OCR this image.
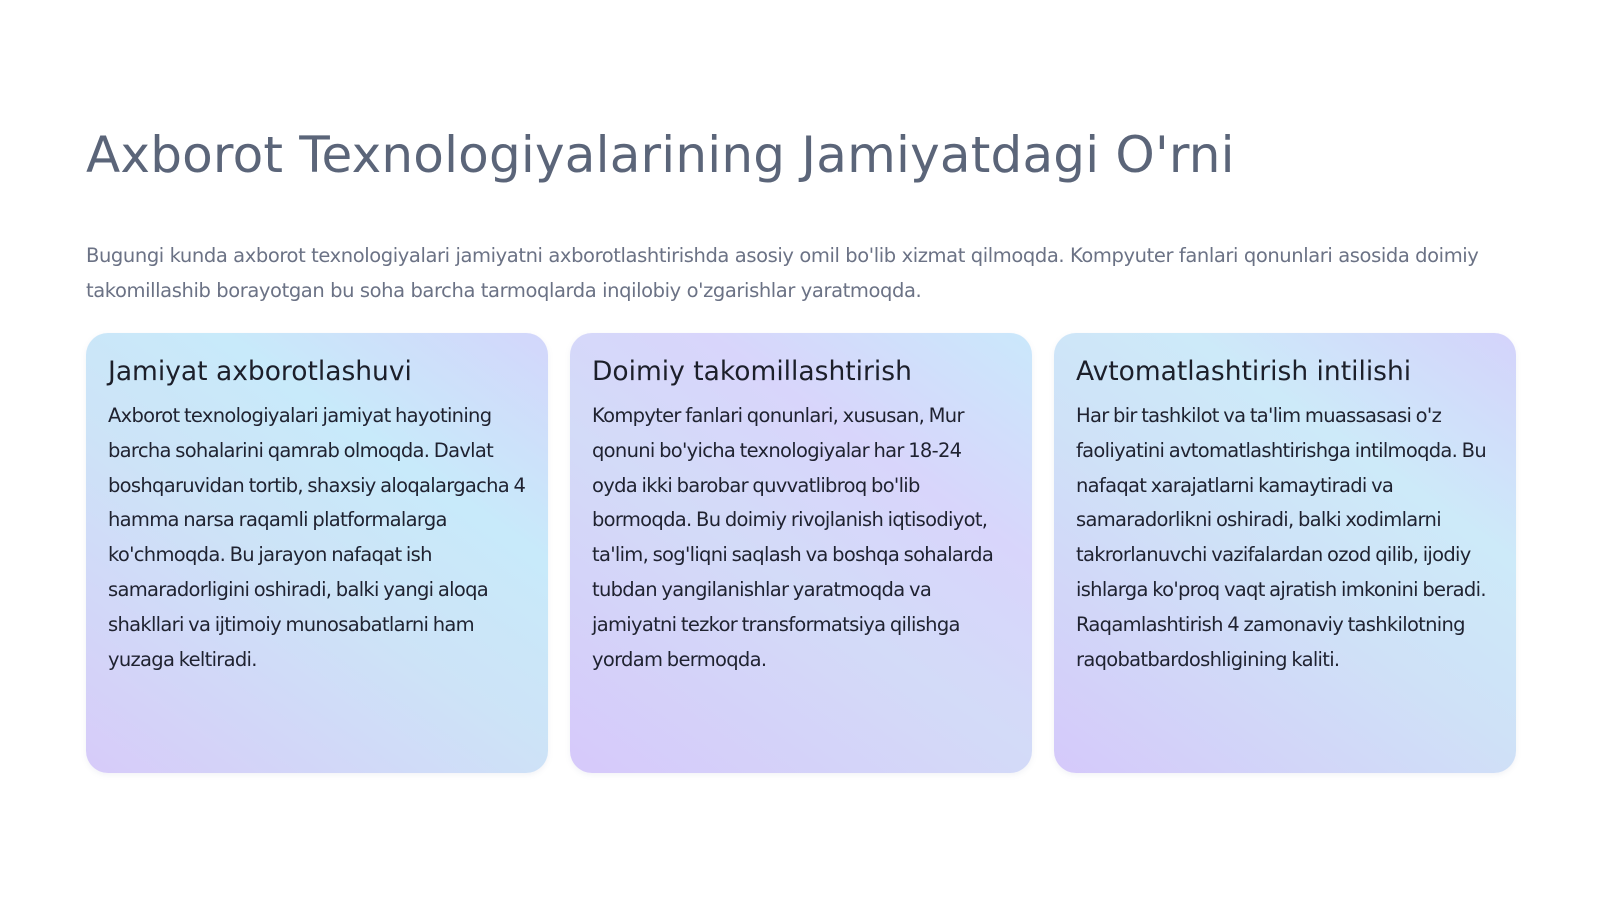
Axborot Texnologiyalarining Jamiyatdagi O'rni

Bugungi kunda axborot texnologiyalari jamiyatni axborotlashtirishda asosiy omil bo'lib xizmat qilmoqda. Kompyuter fanlari qonunlari asosida doimiy takomillashib borayotgan bu soha barcha tarmoqlarda inqilobiy o'zgarishlar yaratmoqda.

Jamiyat axborotlashuvi

Axborot texnologiyalari jamiyat hayotining barcha sohalarini qamrab olmoqda. Davlat boshqaruvidan tortib, shaxsiy aloqalargacha 4 hamma narsa raqamli platformalarga ko'chmoqda. Bu jarayon nafaqat ish samaradorligini oshiradi, balki yangi aloqa shakllari va ijtimoiy munosabatlarni ham yuzaga keltiradi.

Doimiy takomillashtirish

Kompyter fanlari qonunlari, xususan, Mur qonuni bo'yicha texnologiyalar har 18-24 oyda ikki barobar quvvatlibroq bo'lib bormoqda. Bu doimiy rivojlanish iqtisodiyot, ta'lim, sog'liqni saqlash va boshqa sohalarda tubdan yangilanishlar yaratmoqda va jamiyatni tezkor transformatsiya qilishga yordam bermoqda.

Avtomatlashtirish intilishi

Har bir tashkilot va ta'lim muassasasi o'z faoliyatini avtomatlashtirishga intilmoqda. Bu nafaqat xarajatlarni kamaytiradi va samaradorlikni oshiradi, balki xodimlarni takrorlanuvchi vazifalardan ozod qilib, ijodiy ishlarga ko'proq vaqt ajratish imkonini beradi. Raqamlashtirish 4 zamonaviy tashkilotning raqobatbardoshligining kaliti.
